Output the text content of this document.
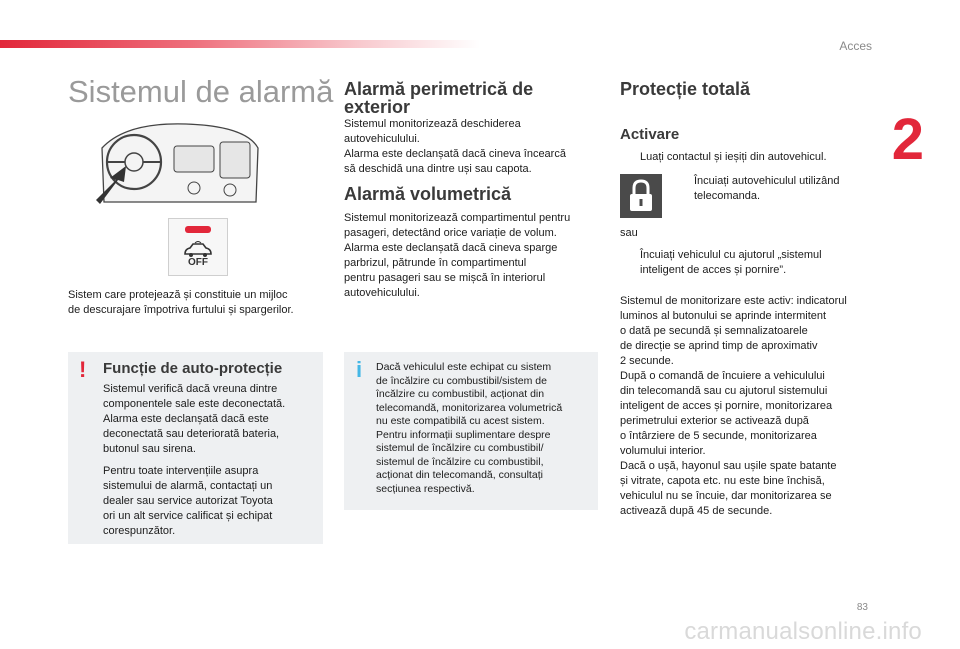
Acces
2
83
carmanualsonline.info
Sistemul de alarmă
OFF
Sistem care protejează și constituie un mijloc
de descurajare împotriva furtului și spargerilor.
! Funcție de auto-protecție
Sistemul verifică dacă vreuna dintre
componentele sale este deconectată.
Alarma este declanșată dacă este
deconectată sau deteriorată bateria,
butonul sau sirena.
Pentru toate intervențiile asupra
sistemului de alarmă, contactați un
dealer sau service autorizat Toyota
ori un alt service calificat și echipat
corespunzător.
Alarmă perimetrică de
exterior
Sistemul monitorizează deschiderea
autovehiculului.
Alarma este declanșată dacă cineva încearcă
să deschidă una dintre uși sau capota.
Alarmă volumetrică
Sistemul monitorizează compartimentul pentru
pasageri, detectând orice variație de volum.
Alarma este declanșată dacă cineva sparge
parbrizul, pătrunde în compartimentul
pentru pasageri sau se mișcă în interiorul
autovehiculului.
i Dacă vehiculul este echipat cu sistem
de încălzire cu combustibil/sistem de
încălzire cu combustibil, acționat din
telecomandă, monitorizarea volumetrică
nu este compatibilă cu acest sistem.
Pentru informații suplimentare despre
sistemul de încălzire cu combustibil/
sistemul de încălzire cu combustibil,
acționat din telecomandă, consultați
secțiunea respectivă.
Protecție totală
Activare
Luați contactul și ieșiți din autovehicul.
Încuiați autovehiculul utilizând
telecomanda.
sau
Încuiați vehiculul cu ajutorul „sistemul
inteligent de acces și pornire”.
Sistemul de monitorizare este activ: indicatorul
luminos al butonului se aprinde intermitent
o dată pe secundă și semnalizatoarele
de direcție se aprind timp de aproximativ
2 secunde.
După o comandă de încuiere a vehiculului
din telecomandă sau cu ajutorul sistemului
inteligent de acces și pornire, monitorizarea
perimetrului exterior se activează după
o întârziere de 5 secunde, monitorizarea
volumului interior.
Dacă o ușă, hayonul sau ușile spate batante
și vitrate, capota etc. nu este bine închisă,
vehiculul nu se încuie, dar monitorizarea se
activează după 45 de secunde.
